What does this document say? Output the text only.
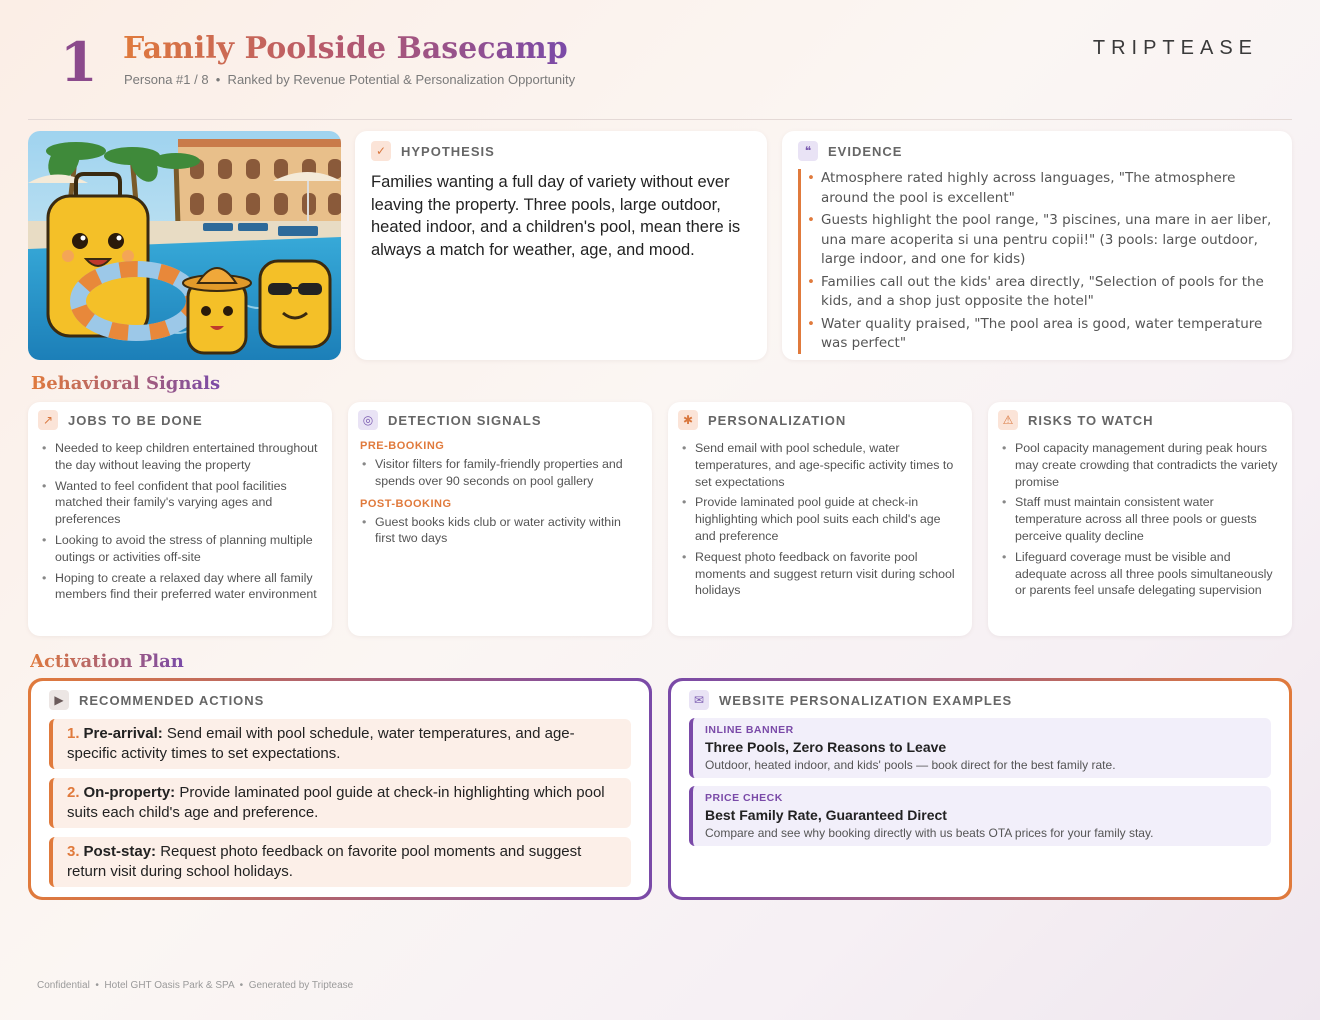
1 Family Poolside Basecamp
Persona #1 / 8  •  Ranked by Revenue Potential & Personalization Opportunity
TRIPTEASE
✓	HYPOTHESIS

Families wanting a full day of variety without ever leaving the property. Three pools, large outdoor, heated indoor, and a children's pool, mean there is always a match for weather, age, and mood.

❝	EVIDENCE
• Atmosphere rated highly across languages, "The atmosphere around the pool is excellent"
• Guests highlight the pool range, "3 piscines, una mare in aer liber, una mare acoperita si una pentru copii!" (3 pools: large outdoor, large indoor, and one for kids)
• Families call out the kids' area directly, "Selection of pools for the kids, and a shop just opposite the hotel"
• Water quality praised, "The pool area is good, water temperature was perfect"
Behavioral Signals
↗	JOBS TO BE DONE
• Needed to keep children entertained throughout the day without leaving the property
• Wanted to feel confident that pool facilities matched their family's varying ages and preferences
• Looking to avoid the stress of planning multiple outings or activities off-site
• Hoping to create a relaxed day where all family members find their preferred water environment
◎	DETECTION SIGNALS
PRE-BOOKING
• Visitor filters for family-friendly properties and spends over 90 seconds on pool gallery
POST-BOOKING
• Guest books kids club or water activity within first two days
✱	PERSONALIZATION
• Send email with pool schedule, water temperatures, and age-specific activity times to set expectations
• Provide laminated pool guide at check-in highlighting which pool suits each child's age and preference
• Request photo feedback on favorite pool moments and suggest return visit during school holidays
⚠	RISKS TO WATCH
• Pool capacity management during peak hours may create crowding that contradicts the variety promise
• Staff must maintain consistent water temperature across all three pools or guests perceive quality decline
• Lifeguard coverage must be visible and adequate across all three pools simultaneously or parents feel unsafe delegating supervision
Activation Plan
▶	RECOMMENDED ACTIONS
1. Pre-arrival: Send email with pool schedule, water temperatures, and age-specific activity times to set expectations.
2. On-property: Provide laminated pool guide at check-in highlighting which pool suits each child's age and preference.
3. Post-stay: Request photo feedback on favorite pool moments and suggest return visit during school holidays.
✉	WEBSITE PERSONALIZATION EXAMPLES
INLINE BANNER
Three Pools, Zero Reasons to Leave
Outdoor, heated indoor, and kids' pools — book direct for the best family rate.
PRICE CHECK
Best Family Rate, Guaranteed Direct
Compare and see why booking directly with us beats OTA prices for your family stay.
Confidential  •  Hotel GHT Oasis Park & SPA  •  Generated by Triptease
